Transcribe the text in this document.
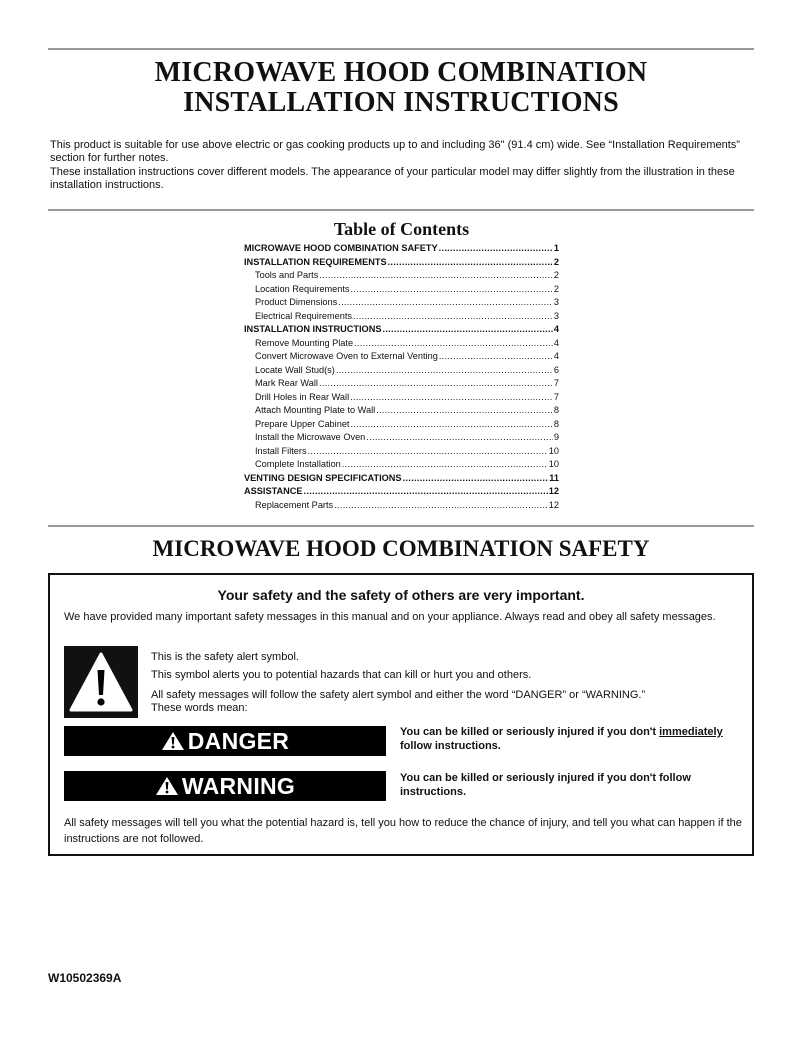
MICROWAVE HOOD COMBINATION
INSTALLATION INSTRUCTIONS
This product is suitable for use above electric or gas cooking products up to and including 36" (91.4 cm) wide. See “Installation Requirements” section for further notes.
These installation instructions cover different models. The appearance of your particular model may differ slightly from the illustration in these installation instructions.
Table of Contents
MICROWAVE HOOD COMBINATION SAFETY .....	1
INSTALLATION REQUIREMENTS .....	2
Tools and Parts .....	2
Location Requirements .....	2
Product Dimensions .....	3
Electrical Requirements .....	3
INSTALLATION INSTRUCTIONS .....	4
Remove Mounting Plate .....	4
Convert Microwave Oven to External Venting .....	4
Locate Wall Stud(s) .....	6
Mark Rear Wall .....	7
Drill Holes in Rear Wall .....	7
Attach Mounting Plate to Wall .....	8
Prepare Upper Cabinet .....	8
Install the Microwave Oven .....	9
Install Filters .....	10
Complete Installation .....	10
VENTING DESIGN SPECIFICATIONS .....	11
ASSISTANCE .....	12
Replacement Parts .....	12
MICROWAVE HOOD COMBINATION SAFETY
Your safety and the safety of others are very important.
We have provided many important safety messages in this manual and on your appliance. Always read and obey all safety messages.
This is the safety alert symbol.
This symbol alerts you to potential hazards that can kill or hurt you and others.
All safety messages will follow the safety alert symbol and either the word “DANGER” or “WARNING.”
These words mean:
DANGER	You can be killed or seriously injured if you don't immediately follow instructions.
WARNING	You can be killed or seriously injured if you don't follow instructions.
All safety messages will tell you what the potential hazard is, tell you how to reduce the chance of injury, and tell you what can happen if the instructions are not followed.
W10502369A
